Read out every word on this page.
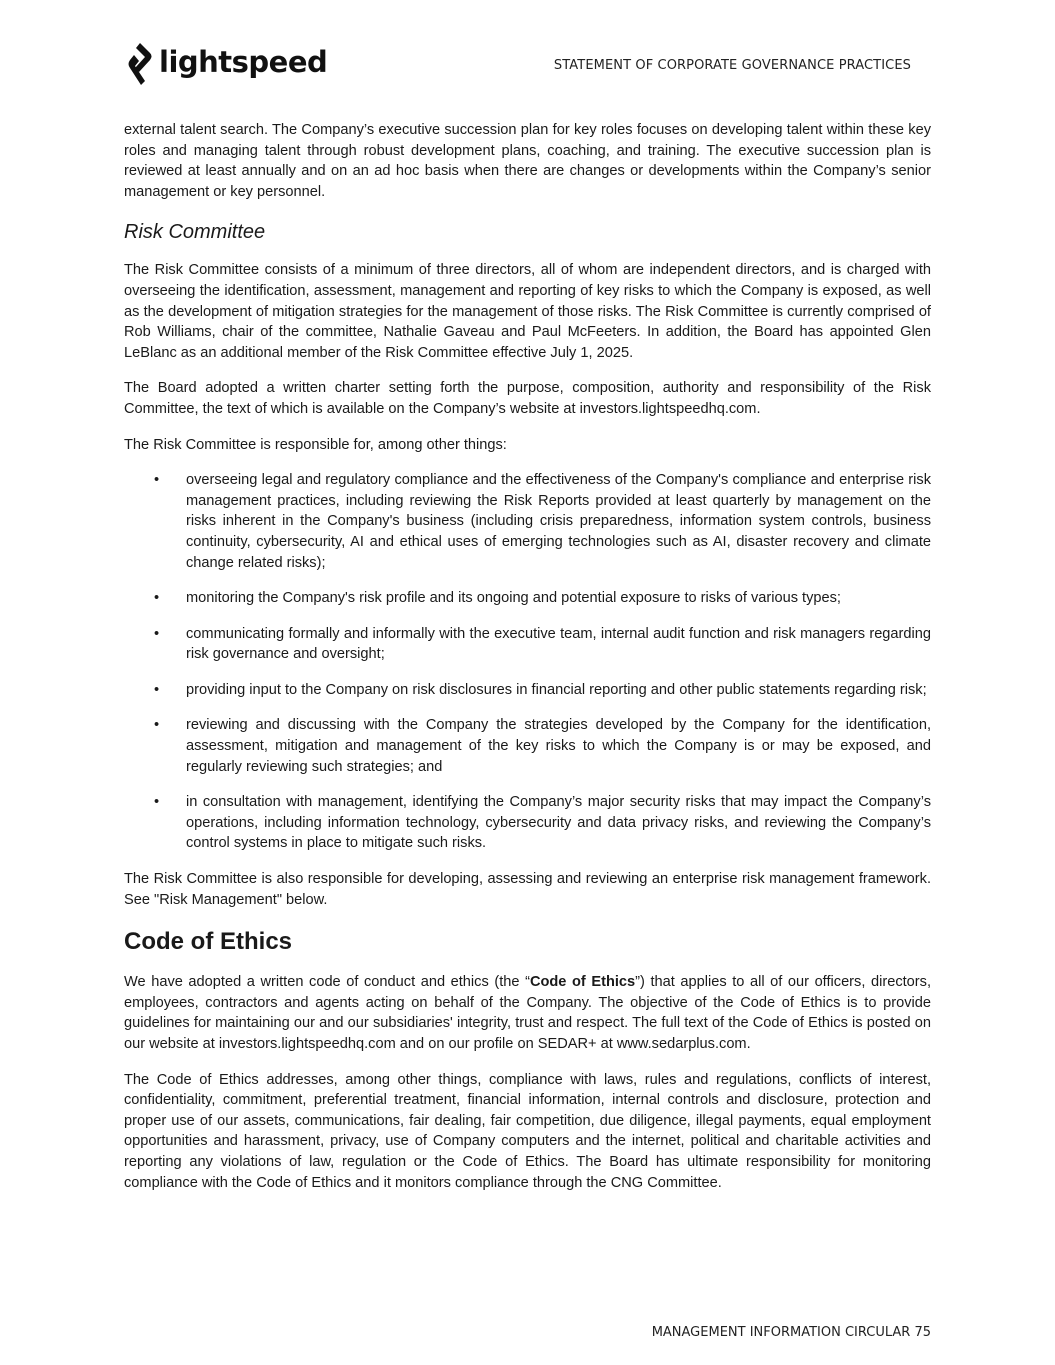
lightspeed	STATEMENT OF CORPORATE GOVERNANCE PRACTICES

external talent search. The Company’s executive succession plan for key roles focuses on developing talent within these key roles and managing talent through robust development plans, coaching, and training. The executive succession plan is reviewed at least annually and on an ad hoc basis when there are changes or developments within the Company’s senior management or key personnel.

Risk Committee

The Risk Committee consists of a minimum of three directors, all of whom are independent directors, and is charged with overseeing the identification, assessment, management and reporting of key risks to which the Company is exposed, as well as the development of mitigation strategies for the management of those risks. The Risk Committee is currently comprised of Rob Williams, chair of the committee, Nathalie Gaveau and Paul McFeeters. In addition, the Board has appointed Glen LeBlanc as an additional member of the Risk Committee effective July 1, 2025.

The Board adopted a written charter setting forth the purpose, composition, authority and responsibility of the Risk Committee, the text of which is available on the Company’s website at investors.lightspeedhq.com.

The Risk Committee is responsible for, among other things:

• overseeing legal and regulatory compliance and the effectiveness of the Company's compliance and enterprise risk management practices, including reviewing the Risk Reports provided at least quarterly by management on the risks inherent in the Company's business (including crisis preparedness, information system controls, business continuity, cybersecurity, AI and ethical uses of emerging technologies such as AI, disaster recovery and climate change related risks);
• monitoring the Company's risk profile and its ongoing and potential exposure to risks of various types;
• communicating formally and informally with the executive team, internal audit function and risk managers regarding risk governance and oversight;
• providing input to the Company on risk disclosures in financial reporting and other public statements regarding risk;
• reviewing and discussing with the Company the strategies developed by the Company for the identification, assessment, mitigation and management of the key risks to which the Company is or may be exposed, and regularly reviewing such strategies; and
• in consultation with management, identifying the Company’s major security risks that may impact the Company’s operations, including information technology, cybersecurity and data privacy risks, and reviewing the Company’s control systems in place to mitigate such risks.

The Risk Committee is also responsible for developing, assessing and reviewing an enterprise risk management framework. See "Risk Management" below.

Code of Ethics

We have adopted a written code of conduct and ethics (the “Code of Ethics”) that applies to all of our officers, directors, employees, contractors and agents acting on behalf of the Company. The objective of the Code of Ethics is to provide guidelines for maintaining our and our subsidiaries' integrity, trust and respect. The full text of the Code of Ethics is posted on our website at investors.lightspeedhq.com and on our profile on SEDAR+ at www.sedarplus.com.

The Code of Ethics addresses, among other things, compliance with laws, rules and regulations, conflicts of interest, confidentiality, commitment, preferential treatment, financial information, internal controls and disclosure, protection and proper use of our assets, communications, fair dealing, fair competition, due diligence, illegal payments, equal employment opportunities and harassment, privacy, use of Company computers and the internet, political and charitable activities and reporting any violations of law, regulation or the Code of Ethics. The Board has ultimate responsibility for monitoring compliance with the Code of Ethics and it monitors compliance through the CNG Committee.

MANAGEMENT INFORMATION CIRCULAR 75
